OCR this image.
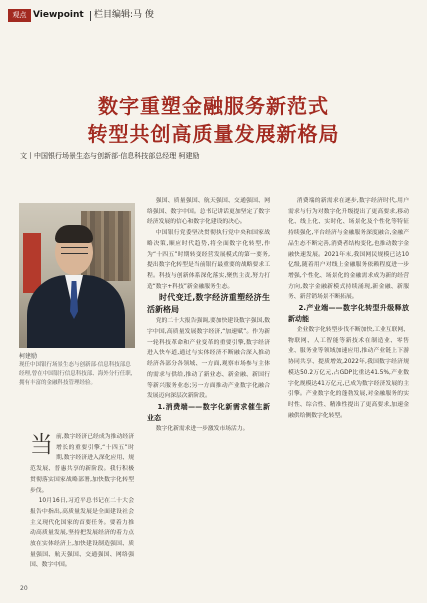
观点 Viewpoint 栏目编辑:马 俊
数字重塑金融服务新范式
转型共创高质量发展新格局
文丨中国银行场景生态与创新部·信息科技部总经理 柯建励
柯建励
现任中国银行场景生态与创新部·信息科技部总经理,曾在中国银行信息科技部、海外分行任职,拥有丰富的金融科技管理经验。

当前,数字经济已经成为推动经济增长的重要引擎,“十四五”时期,数字经济进入深化应用、规范发展、普惠共享的新阶段。我行积极贯彻落实国家战略部署,加快数字化转型步伐。

10月16日,习近平总书记在二十大会报告中指出,高质量发展是全面建设社会主义现代化国家的首要任务。要着力推动高质量发展,坚持把发展经济的着力点放在实体经济上,加快建设制造强国、质量强国、航天强国、交通强国、网络强国、数字中国。

强国、质量强国、航天强国、交通强国、网络强国、数字中国。总书记讲话更加坚定了数字经济发展的信心和数字化建设的决心。

中国银行党委坚决贯彻执行党中央和国家战略决策,顺应时代趋势,将全面数字化转型,作为“十四五”时期转变经营发展模式的第一要务,提出数字化转型是当前银行最重要的战略要求工程。科技与创新体系深化落实,聚焦主责,努力打造“数字+科技”新金融服务生态。

时代变迁,数字经济重塑经济生活新格局

党的二十大报告强调,要加快建设数字强国,数字中国,高质量发展数字经济,“加速赋”。作为新一轮科技革命和产业变革的重要引擎,数字经济进入快车道,通过与实体经济不断融合深入推动经济各部分各领域、一方面,观察市场参与主体的需求与供给,推动了新业态、新金融、新国行等新兴服务业态;另一方面推动产业数字化融合发展迈向深层次新阶段。

1.消费端——数字化新需求催生新业态

数字化新需求进一步激发市场活力。

消费端的新需求在逐步,数字经济时代,用户需求与行为对数字化升级提出了更高要求,移动化、线上化、实时化、场景化及个性化等特征持续强化,平台经济与金融服务深度融合,金融产品生态不断完善,消费者结构变化,也推动数字金融快速发展。2021年末,我国网民规模已达10亿级,随着用户对线上金融服务依赖程度进一步增强,个性化、场景化的金融需求成为新的经营方向,数字金融新模式持续涌现,新金融、新服务、新营销场景不断拓展。

2.产业端——数字化转型升级释放新动能

企业数字化转型步伐不断加快,工业互联网、物联网、人工智能等新技术在制造业、零售业、服务业等领域加速应用,推动产业链上下游协同共享、提质增效,2022年,我国数字经济规模达50.2万亿元,占GDP比重达41.5%,产业数字化规模达41万亿元,已成为数字经济发展的主引擎。产业数字化的蓬勃发展,对金融服务的实时性、综合性、精准性提出了更高要求,加速金融供给侧数字化转型。

20
